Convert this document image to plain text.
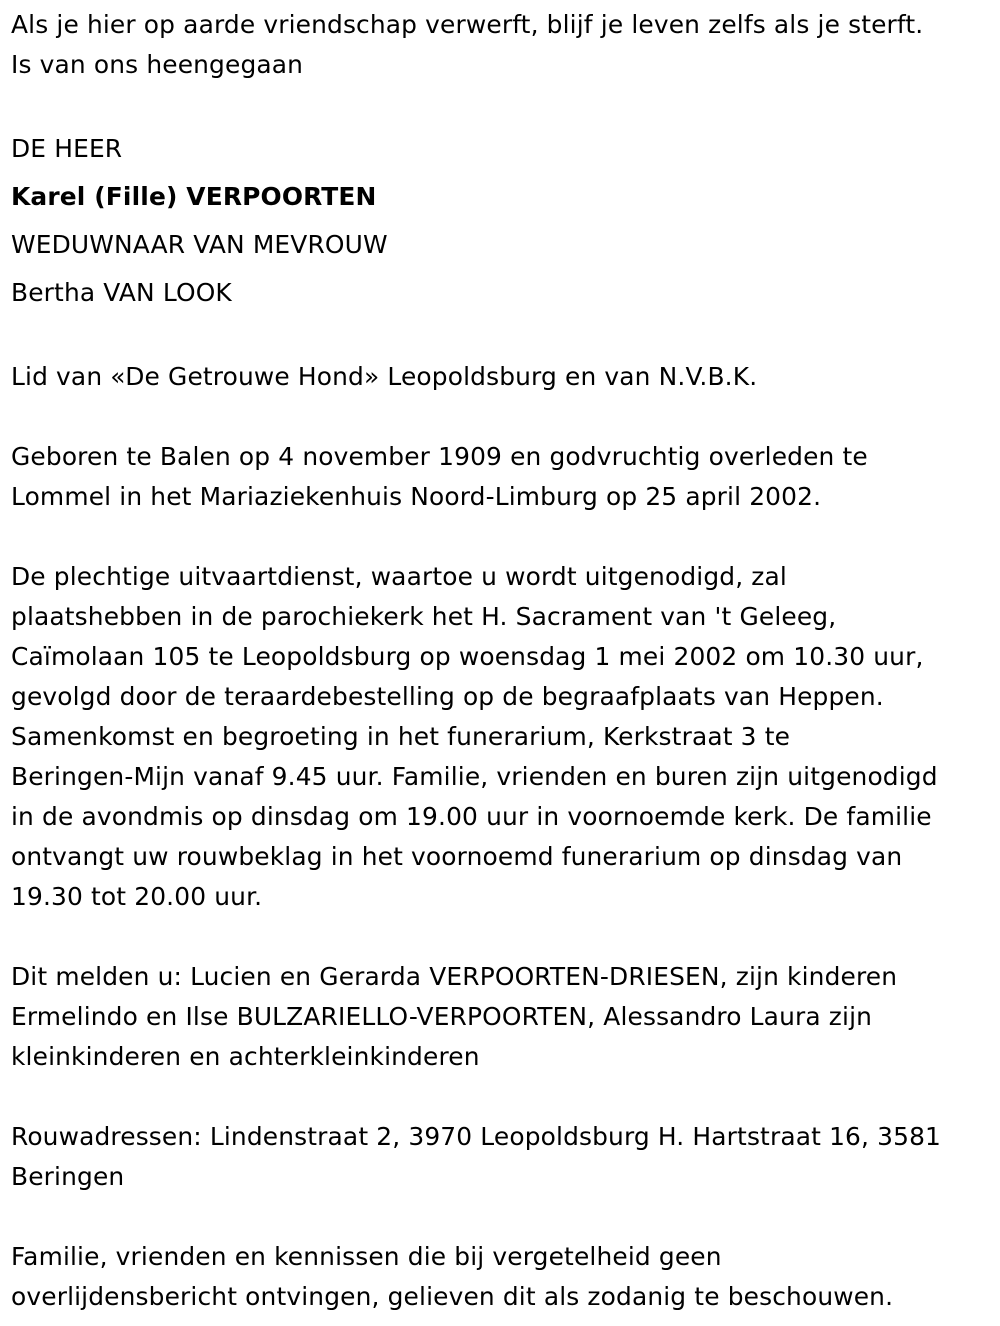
Als je hier op aarde vriendschap verwerft, blijf je leven zelfs als je sterft.
Is van ons heengegaan

DE HEER
Karel (Fille) VERPOORTEN
WEDUWNAAR VAN MEVROUW
Bertha VAN LOOK

Lid van «De Getrouwe Hond» Leopoldsburg en van N.V.B.K.

Geboren te Balen op 4 november 1909 en godvruchtig overleden te
Lommel in het Mariaziekenhuis Noord-Limburg op 25 april 2002.

De plechtige uitvaartdienst, waartoe u wordt uitgenodigd, zal
plaatshebben in de parochiekerk het H. Sacrament van 't Geleeg,
Caïmolaan 105 te Leopoldsburg op woensdag 1 mei 2002 om 10.30 uur,
gevolgd door de teraardebestelling op de begraafplaats van Heppen.
Samenkomst en begroeting in het funerarium, Kerkstraat 3 te
Beringen-Mijn vanaf 9.45 uur. Familie, vrienden en buren zijn uitgenodigd
in de avondmis op dinsdag om 19.00 uur in voornoemde kerk. De familie
ontvangt uw rouwbeklag in het voornoemd funerarium op dinsdag van
19.30 tot 20.00 uur.

Dit melden u: Lucien en Gerarda VERPOORTEN-DRIESEN, zijn kinderen
Ermelindo en Ilse BULZARIELLO-VERPOORTEN, Alessandro Laura zijn
kleinkinderen en achterkleinkinderen

Rouwadressen: Lindenstraat 2, 3970 Leopoldsburg H. Hartstraat 16, 3581
Beringen

Familie, vrienden en kennissen die bij vergetelheid geen
overlijdensbericht ontvingen, gelieven dit als zodanig te beschouwen.
